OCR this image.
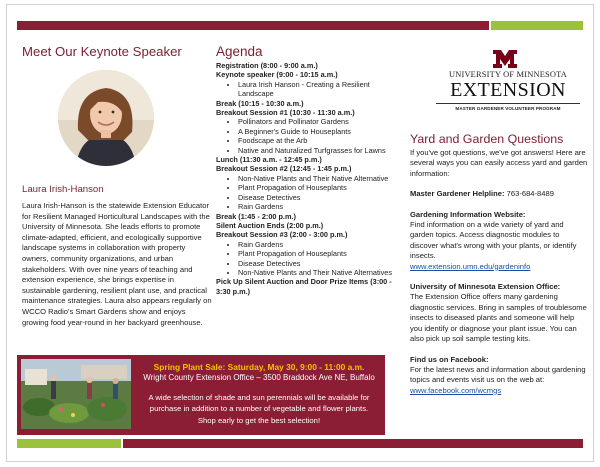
Meet Our Keynote Speaker
Laura Irish-Hanson

Laura Irish-Hanson is the statewide Extension Educator for Resilient Managed Horticultural Landscapes with the University of Minnesota. She leads efforts to promote climate-adapted, efficient, and ecologically supportive landscape systems in collaboration with property owners, community organizations, and urban stakeholders. With over nine years of teaching and extension experience, she brings expertise in sustainable gardening, resilient plant use, and practical maintenance strategies. Laura also appears regularly on WCCO Radio's Smart Gardens show and enjoys growing food year-round in her backyard greenhouse.

Agenda
Registration (8:00 - 9:00 a.m.)
Keynote speaker (9:00 - 10:15 a.m.)
• Laura Irish Hanson - Creating a Resilient Landscape
Break (10:15 - 10:30 a.m.)
Breakout Session #1 (10:30 - 11:30 a.m.)
• Pollinators and Pollinator Gardens
• A Beginner's Guide to Houseplants
• Foodscape at the Arb
• Native and Naturalized Turfgrasses for Lawns
Lunch (11:30 a.m. - 12:45 p.m.)
Breakout Session #2 (12:45 - 1:45 p.m.)
• Non-Native Plants and Their Native Alternative
• Plant Propagation of Houseplants
• Disease Detectives
• Rain Gardens
Break (1:45 - 2:00 p.m.)
Silent Auction Ends (2:00 p.m.)
Breakout Session #3 (2:00 - 3:00 p.m.)
• Rain Gardens
• Plant Propagation of Houseplants
• Disease Detectives
• Non-Native Plants and Their Native Alternatives
Pick Up Silent Auction and Door Prize Items (3:00 - 3:30 p.m.)
UNIVERSITY OF MINNESOTA
EXTENSION
MASTER GARDENER VOLUNTEER PROGRAM
Yard and Garden Questions

If you've got questions, we've got answers! Here are several ways you can easily access yard and garden information:

Master Gardener Helpline: 763-684-8489

Gardening Information Website:
Find information on a wide variety of yard and garden topics. Access diagnostic modules to discover what's wrong with your plants, or identify insects.
www.extension.umn.edu/gardeninfo
University of Minnesota Extension Office:
The Extension Office offers many gardening diagnostic services. Bring in samples of troublesome insects to diseased plants and someone will help you identify or diagnose your plant issue. You can also pick up soil sample testing kits.
Find us on Facebook:
For the latest news and information about gardening topics and events visit us on the web at: www.facebook.com/wcmgs
Spring Plant Sale: Saturday, May 30, 9:00 - 11:00 a.m.
Wright County Extension Office – 3500 Braddock Ave NE, Buffalo
A wide selection of shade and sun perennials will be available for purchase in addition to a number of vegetable and flower plants. Shop early to get the best selection!
